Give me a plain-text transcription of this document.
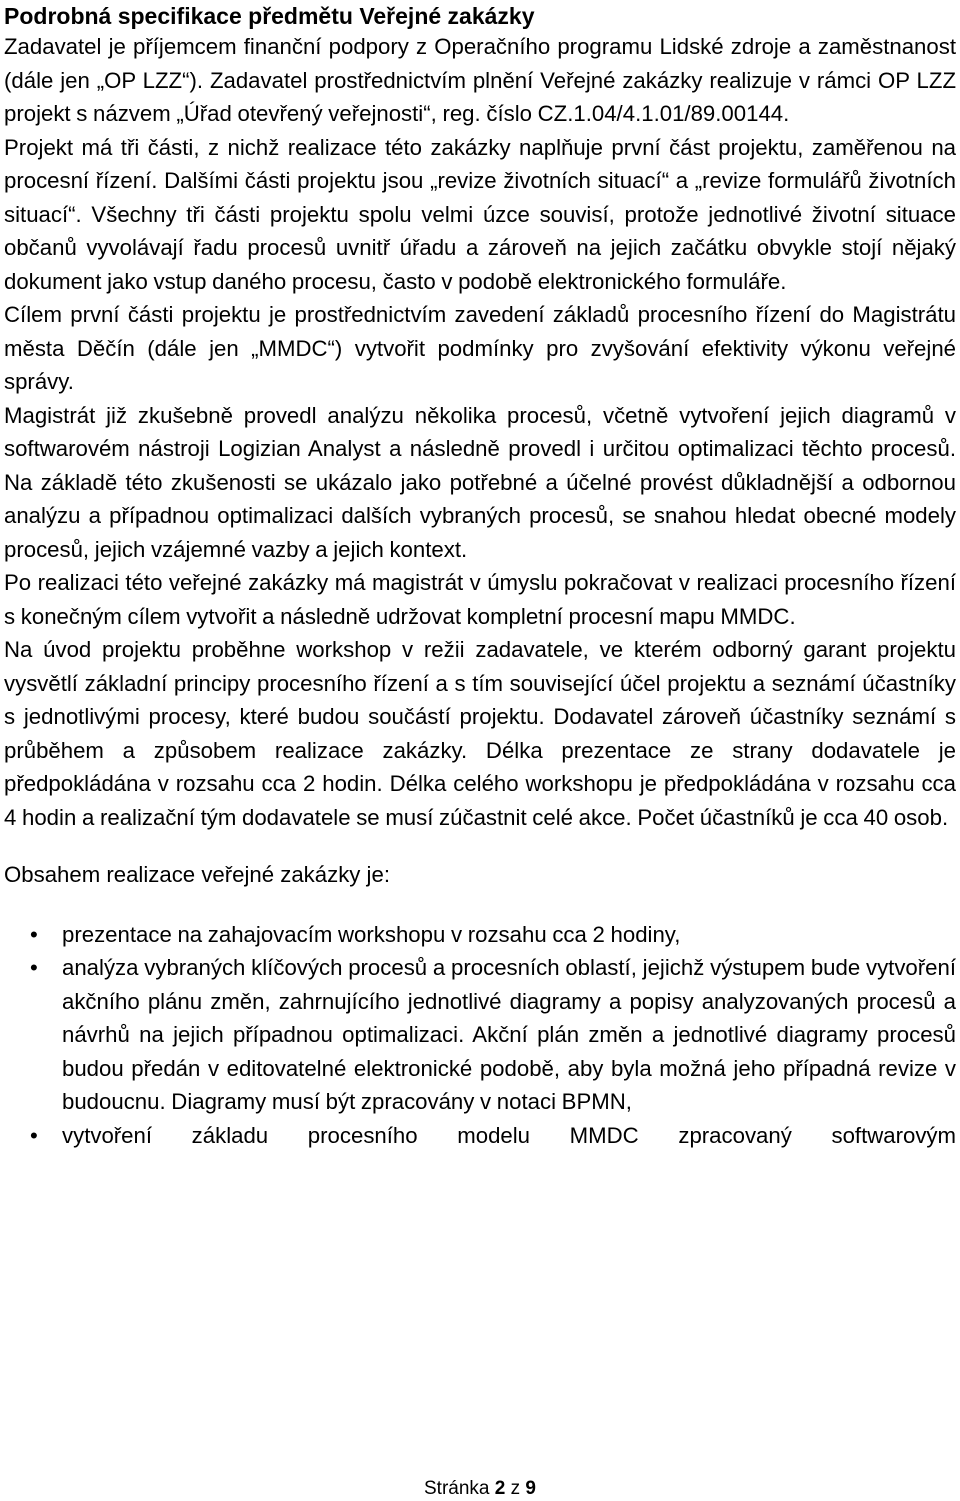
Podrobná specifikace předmětu Veřejné zakázky

Zadavatel je příjemcem finanční podpory z Operačního programu Lidské zdroje a zaměstnanost (dále jen „OP LZZ“). Zadavatel prostřednictvím plnění Veřejné zakázky realizuje v rámci OP LZZ projekt s názvem „Úřad otevřený veřejnosti“, reg. číslo CZ.1.04/4.1.01/89.00144.

Projekt má tři části, z nichž realizace této zakázky naplňuje první část projektu, zaměřenou na procesní řízení. Dalšími části projektu jsou „revize životních situací“ a „revize formulářů životních situací“. Všechny tři části projektu spolu velmi úzce souvisí, protože jednotlivé životní situace občanů vyvolávají řadu procesů uvnitř úřadu a zároveň na jejich začátku obvykle stojí nějaký dokument jako vstup daného procesu, často v podobě elektronického formuláře.

Cílem první části projektu je prostřednictvím zavedení základů procesního řízení do Magistrátu města Děčín (dále jen „MMDC“) vytvořit podmínky pro zvyšování efektivity výkonu veřejné správy.

Magistrát již zkušebně provedl analýzu několika procesů, včetně vytvoření jejich diagramů v softwarovém nástroji Logizian Analyst a následně provedl i určitou optimalizaci těchto procesů. Na základě této zkušenosti se ukázalo jako potřebné a účelné provést důkladnější a odbornou analýzu a případnou optimalizaci dalších vybraných procesů, se snahou hledat obecné modely procesů, jejich vzájemné vazby a jejich kontext.

Po realizaci této veřejné zakázky má magistrát v úmyslu pokračovat v realizaci procesního řízení s konečným cílem vytvořit a následně udržovat kompletní procesní mapu MMDC.

Na úvod projektu proběhne workshop v režii zadavatele, ve kterém odborný garant projektu vysvětlí základní principy procesního řízení a s tím související účel projektu a seznámí účastníky s jednotlivými procesy, které budou součástí projektu. Dodavatel zároveň účastníky seznámí s průběhem a způsobem realizace zakázky. Délka prezentace ze strany dodavatele je předpokládána v rozsahu cca 2 hodin. Délka celého workshopu je předpokládána v rozsahu cca 4 hodin a realizační tým dodavatele se musí zúčastnit celé akce. Počet účastníků je cca 40 osob.

Obsahem realizace veřejné zakázky je:

•	prezentace na zahajovacím workshopu v rozsahu cca 2 hodiny,
•	analýza vybraných klíčových procesů a procesních oblastí, jejichž výstupem bude vytvoření akčního plánu změn, zahrnujícího jednotlivé diagramy a popisy analyzovaných procesů a návrhů na jejich případnou optimalizaci. Akční plán změn a jednotlivé diagramy procesů budou předán v editovatelné elektronické podobě, aby byla možná jeho případná revize v budoucnu. Diagramy musí být zpracovány v notaci BPMN,
•	vytvoření základu procesního modelu MMDC zpracovaný softwarovým
Stránka 2 z 9
